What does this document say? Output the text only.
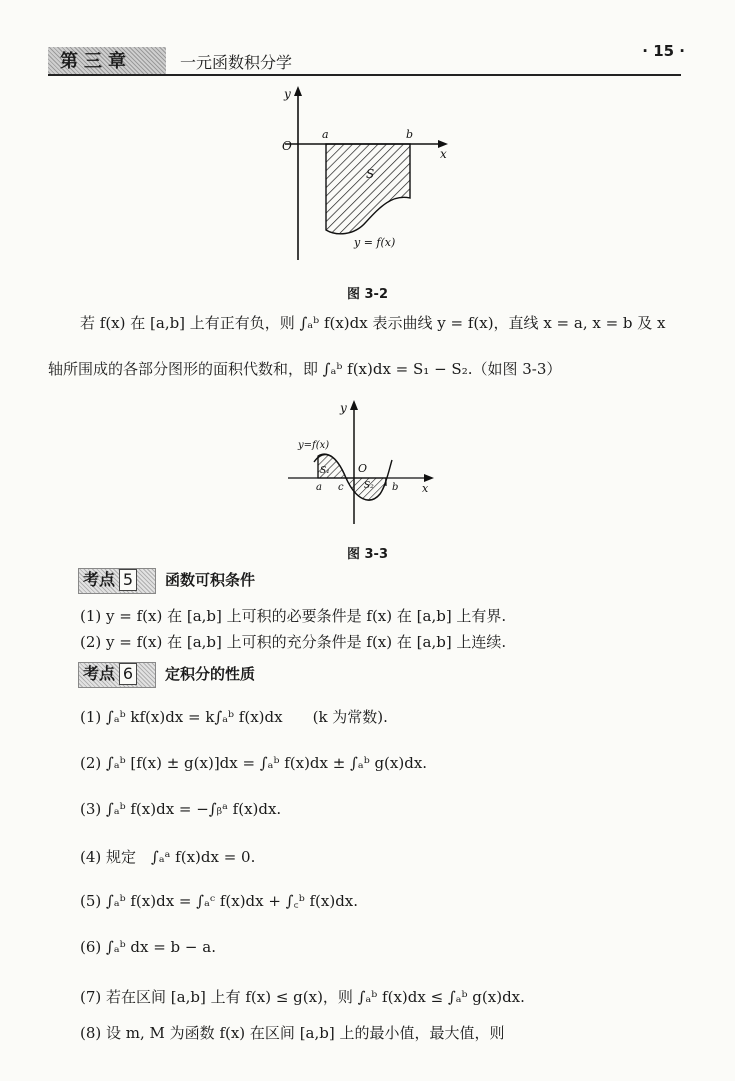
第三章	一元函数积分学
· 15 ·
y
x
O
a	b
S
y = f(x)
图 3-2
若 f(x) 在 [a,b] 上有正有负，则 ∫ₐᵇ f(x)dx 表示曲线 y = f(x)，直线 x = a, x = b 及 x
轴所围成的各部分图形的面积代数和，即 ∫ₐᵇ f(x)dx = S₁ − S₂.（如图 3-3）
y
x
O
y=f(x)
S₁
S₂
a c	b
图 3-3
考点 5	函数可积条件
(1) y = f(x) 在 [a,b] 上可积的必要条件是 f(x) 在 [a,b] 上有界.
(2) y = f(x) 在 [a,b] 上可积的充分条件是 f(x) 在 [a,b] 上连续.
考点 6	定积分的性质
(1) ∫ₐᵇ kf(x)dx = k∫ₐᵇ f(x)dx　　(k 为常数).
(2) ∫ₐᵇ [f(x) ± g(x)]dx = ∫ₐᵇ f(x)dx ± ∫ₐᵇ g(x)dx.
(3) ∫ₐᵇ f(x)dx = −∫ᵦᵃ f(x)dx.
(4) 规定　∫ₐᵃ f(x)dx = 0.
(5) ∫ₐᵇ f(x)dx = ∫ₐᶜ f(x)dx + ∫꜀ᵇ f(x)dx.
(6) ∫ₐᵇ dx = b − a.
(7) 若在区间 [a,b] 上有 f(x) ≤ g(x)，则 ∫ₐᵇ f(x)dx ≤ ∫ₐᵇ g(x)dx.
(8) 设 m, M 为函数 f(x) 在区间 [a,b] 上的最小值，最大值，则
